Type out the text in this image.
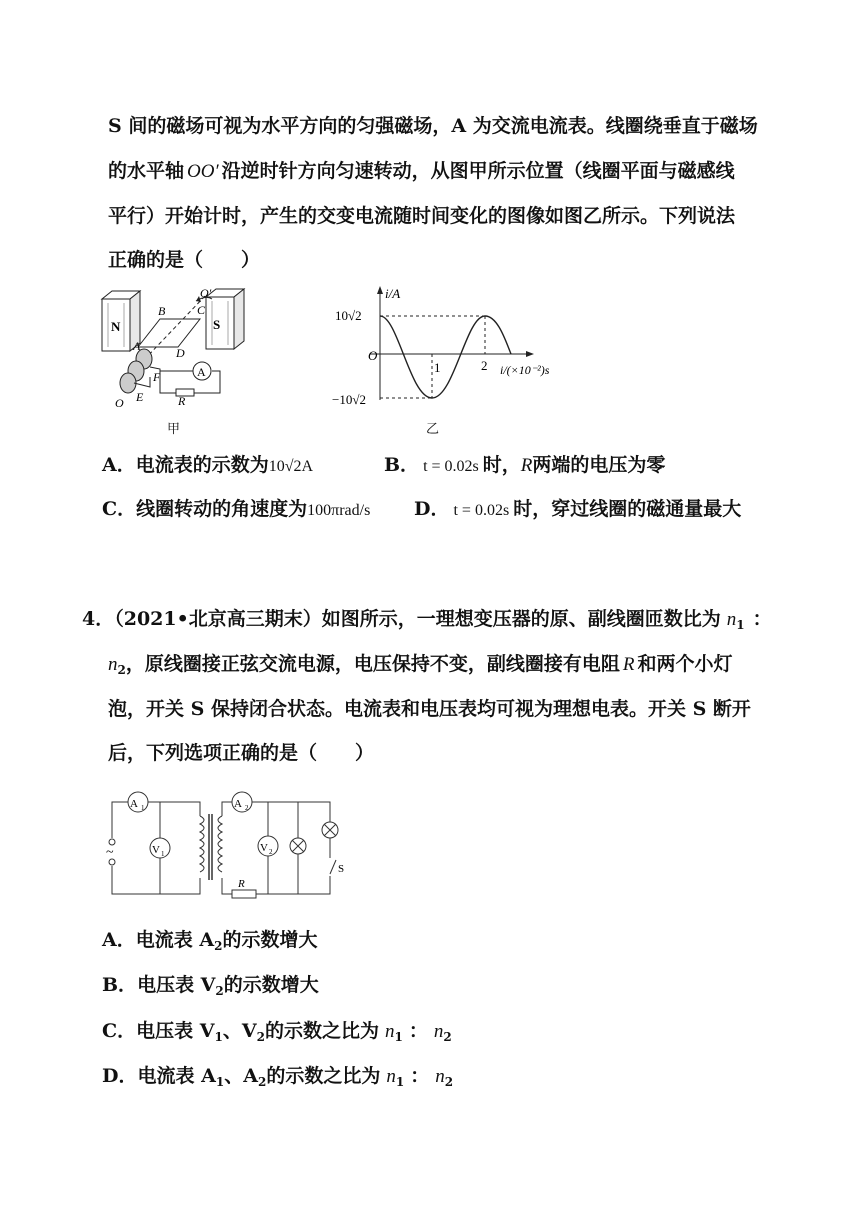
S 间的磁场可视为水平方向的匀强磁场，A 为交流电流表。线圈绕垂直于磁场
的水平轴 OO′ 沿逆时针方向匀速转动，从图甲所示位置（线圈平面与磁感线
平行）开始计时，产生的交变电流随时间变化的图像如图乙所示。下列说法
正确的是（　　）
N	S
A
A
B	C
D
E
F
O
O′
R
甲
i/A
O
10√2
−10√2
1	2 i/(×10⁻²)s
乙
A．电流表的示数为10√2A	B． t = 0.02s 时，R两端的电压为零
C．线圈转动的角速度为100πrad/s D． t = 0.02s 时，穿过线圈的磁通量最大
4．（2021•北京高三期末）如图所示，一理想变压器的原、副线圈匝数比为 $n_1$ ：
$n_2$，原线圈接正弦交流电源，电压保持不变，副线圈接有电阻 R 和两个小灯
泡，开关 S 保持闭合状态。电流表和电压表均可视为理想电表。开关 S 断开
后，下列选项正确的是（　　）
A 1
~	V 1
A 2
R
V 2
S
A．电流表 $A_2$的示数增大
B．电压表 $V_2$的示数增大
C．电压表 $V_1$、$V_2$的示数之比为 $n_1$ ： $n_2$
D．电流表 $A_1$、$A_2$的示数之比为 $n_1$ ： $n_2$
